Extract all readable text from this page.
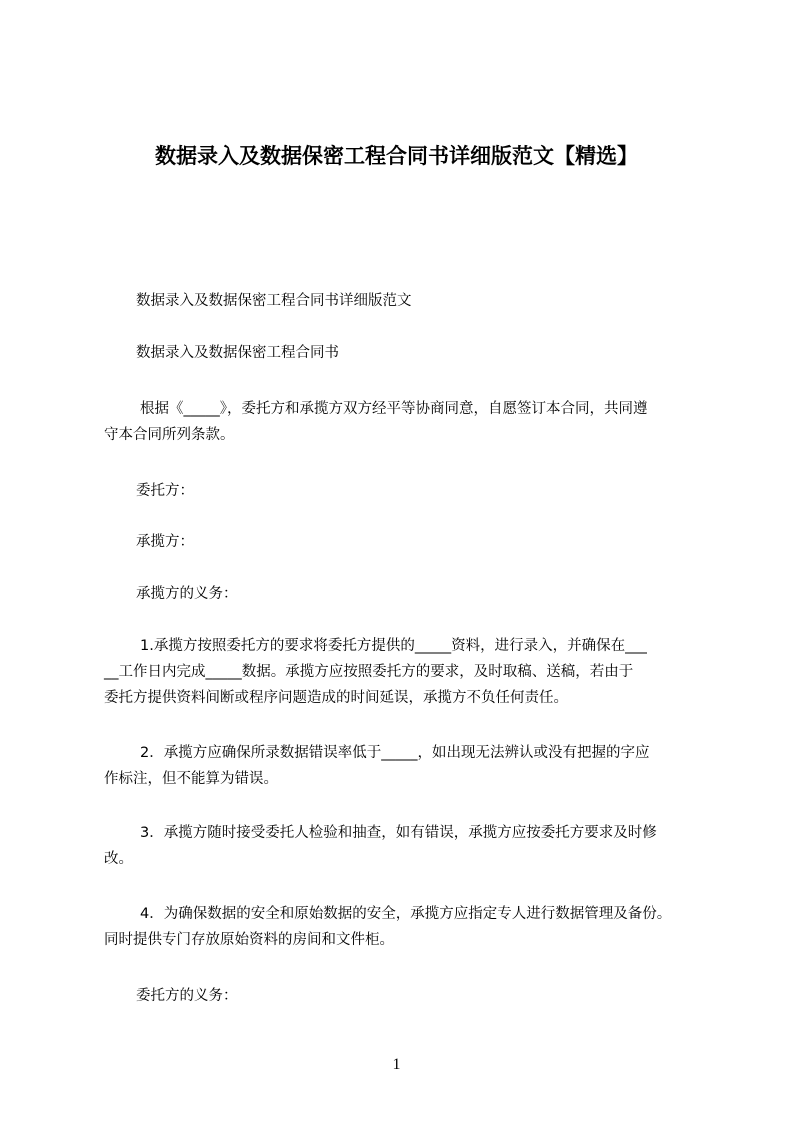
数据录入及数据保密工程合同书详细版范文【精选】
数据录入及数据保密工程合同书详细版范文
数据录入及数据保密工程合同书
根据《_____》，委托方和承揽方双方经平等协商同意，自愿签订本合同，共同遵
守本合同所列条款。
委托方：
承揽方：
承揽方的义务：
1.承揽方按照委托方的要求将委托方提供的_____资料，进行录入，并确保在___
__工作日内完成_____数据。承揽方应按照委托方的要求，及时取稿、送稿，若由于
委托方提供资料间断或程序问题造成的时间延误，承揽方不负任何责任。
2．承揽方应确保所录数据错误率低于_____，如出现无法辨认或没有把握的字应
作标注，但不能算为错误。
3．承揽方随时接受委托人检验和抽查，如有错误，承揽方应按委托方要求及时修
改。
4．为确保数据的安全和原始数据的安全，承揽方应指定专人进行数据管理及备份。
同时提供专门存放原始资料的房间和文件柜。
委托方的义务：
1
